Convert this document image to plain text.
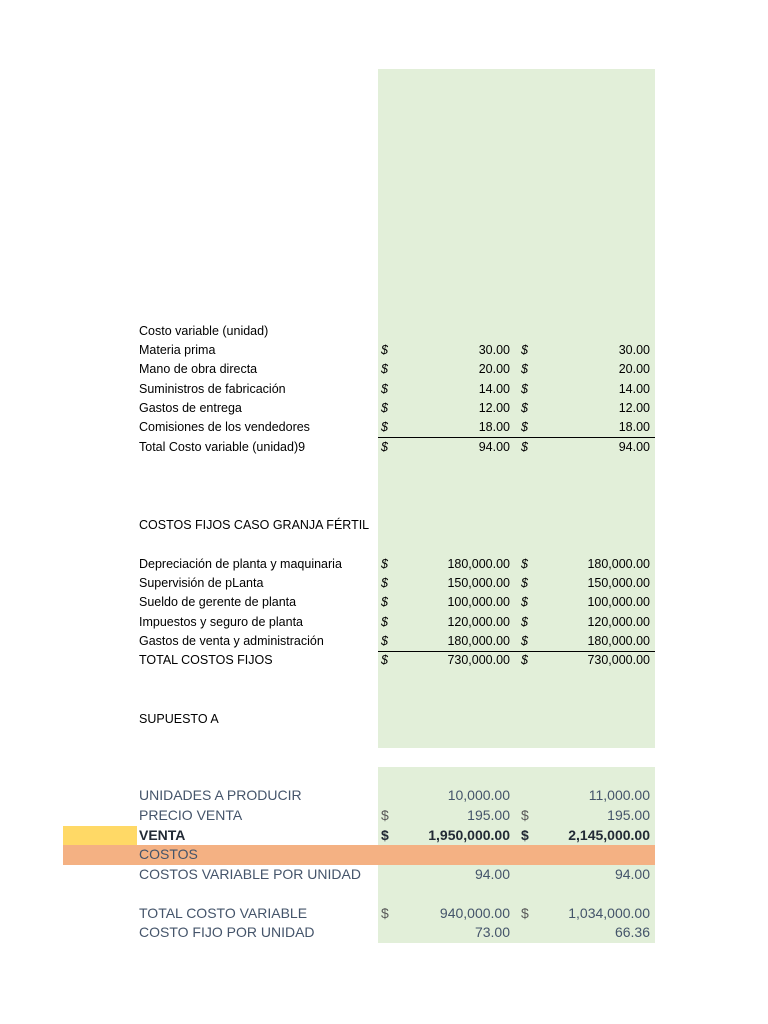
Costo variable (unidad)
Materia prima	$	30.00 $	30.00
Mano de obra directa	$	20.00 $	20.00
Suministros de fabricación	$	14.00 $	14.00
Gastos de entrega	$	12.00 $	12.00
Comisiones de los vendedores	$	18.00 $	18.00
Total Costo variable (unidad)9	$	94.00 $	94.00
COSTOS FIJOS CASO GRANJA FÉRTIL
Depreciación de planta y maquinaria	$	180,000.00 $	180,000.00
Supervisión de pLanta	$	150,000.00 $	150,000.00
Sueldo de gerente de planta	$	100,000.00 $	100,000.00
Impuestos y seguro de planta	$	120,000.00 $	120,000.00
Gastos de venta y administración	$	180,000.00 $	180,000.00
TOTAL COSTOS FIJOS	$	730,000.00 $	730,000.00
SUPUESTO A
UNIDADES A PRODUCIR	10,000.00	11,000.00
PRECIO VENTA	$	195.00 $	195.00
VENTA	$	1,950,000.00 $	2,145,000.00
COSTOS
COSTOS VARIABLE POR UNIDAD	94.00	94.00
TOTAL COSTO VARIABLE	$	940,000.00 $	1,034,000.00
COSTO FIJO POR UNIDAD	73.00	66.36
